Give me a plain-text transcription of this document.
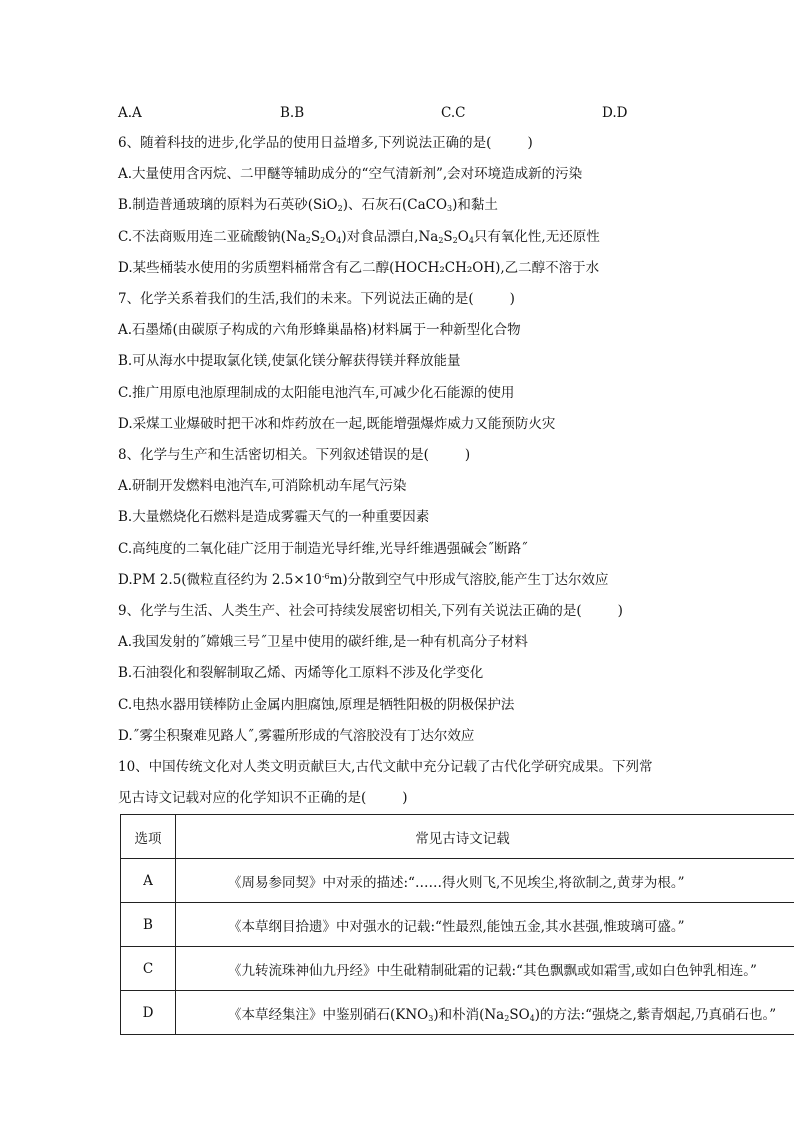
A.A	B.B	C.C	D.D
6、随着科技的进步,化学品的使用日益增多,下列说法正确的是(	)
A.大量使用含丙烷、二甲醚等辅助成分的“空气清新剂”,会对环境造成新的污染
B.制造普通玻璃的原料为石英砂(SiO$_2$)、石灰石(CaCO$_3$)和黏土
C.不法商贩用连二亚硫酸钠$(Na_2S_2O_4)$对食品漂白$,Na_2S_2O_4$只有氧化性,无还原性
D.某些桶装水使用的劣质塑料桶常含有乙二醇(HOCH₂CH₂OH),乙二醇不溶于水
7、化学关系着我们的生活,我们的未来。下列说法正确的是(	)
A.石墨烯(由碳原子构成的六角形蜂巢晶格)材料属于一种新型化合物
B.可从海水中提取氯化镁,使氯化镁分解获得镁并释放能量
C.推广用原电池原理制成的太阳能电池汽车,可减少化石能源的使用
D.采煤工业爆破时把干冰和炸药放在一起,既能增强爆炸威力又能预防火灾
8、化学与生产和生活密切相关。下列叙述错误的是(	)
A.研制开发燃料电池汽车,可消除机动车尾气污染
B.大量燃烧化石燃料是造成雾霾天气的一种重要因素
C.高纯度的二氧化硅广泛用于制造光导纤维,光导纤维遇强碱会˝断路˝
D.PM 2.5(微粒直径约为 $2.5\times 10^{-6}m$)分散到空气中形成气溶胶,能产生丁达尔效应
9、化学与生活、人类生产、社会可持续发展密切相关,下列有关说法正确的是(	)
A.我国发射的˝嫦娥三号˝卫星中使用的碳纤维,是一种有机高分子材料
B.石油裂化和裂解制取乙烯、丙烯等化工原料不涉及化学变化
C.电热水器用镁棒防止金属内胆腐蚀,原理是牺牲阳极的阴极保护法
D.˝雾尘积聚难见路人˝,雾霾所形成的气溶胶没有丁达尔效应
10、中国传统文化对人类文明贡献巨大,古代文献中充分记载了古代化学研究成果。下列常
见古诗文记载对应的化学知识不正确的是(	)
选项	常见古诗文记载
A	《周易参同契》中对汞的描述:“……得火则飞,不见埃尘,将欲制之,黄芽为根。”
B	《本草纲目拾遗》中对强水的记载:“性最烈,能蚀五金,其水甚强,惟玻璃可盛。”
C	《九转流珠神仙九丹经》中生砒精制砒霜的记载:“其色飘飘或如霜雪,或如白色钟乳相连。”
D	《本草经集注》中鉴别硝石$(KNO_3)$和朴消$(Na_2SO_4)$的方法:“强烧之,紫青烟起,乃真硝石也。”
